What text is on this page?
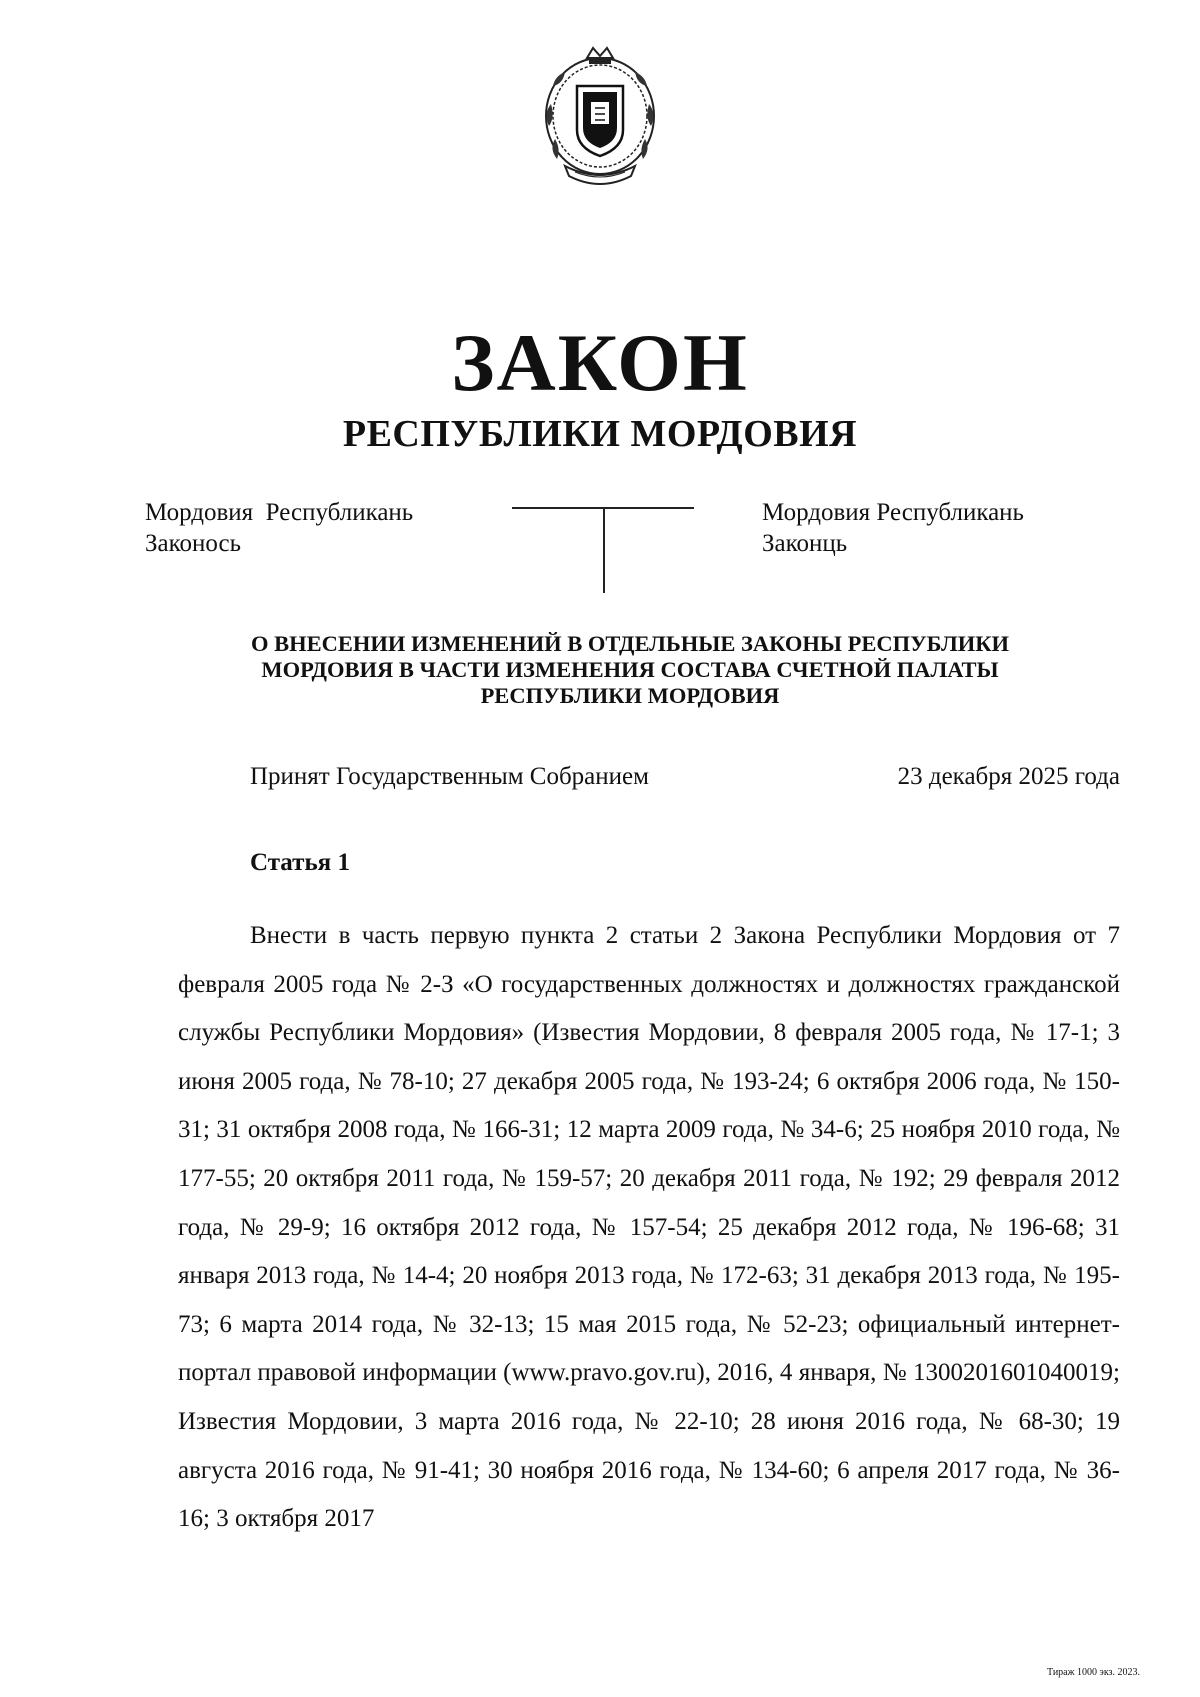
ЗАКОН
РЕСПУБЛИКИ МОРДОВИЯ
Мордовия  Республикань
Законось
Мордовия Республикань
Законць
О ВНЕСЕНИИ ИЗМЕНЕНИЙ В ОТДЕЛЬНЫЕ ЗАКОНЫ РЕСПУБЛИКИ МОРДОВИЯ В ЧАСТИ ИЗМЕНЕНИЯ СОСТАВА СЧЕТНОЙ ПАЛАТЫ РЕСПУБЛИКИ МОРДОВИЯ
Принят Государственным Собранием	23 декабря 2025 года
Статья 1

Внести в часть первую пункта 2 статьи 2 Закона Республики Мордовия от 7 февраля 2005 года № 2-З «О государственных должностях и должностях гражданской службы Республики Мордовия» (Известия Мордовии, 8 февраля 2005 года, № 17-1; 3 июня 2005 года, № 78-10; 27 декабря 2005 года, № 193-24; 6 октября 2006 года, № 150-31; 31 октября 2008 года, № 166-31; 12 марта 2009 года, № 34-6; 25 ноября 2010 года, № 177-55; 20 октября 2011 года, № 159-57; 20 декабря 2011 года, № 192; 29 февраля 2012 года, № 29-9; 16 октября 2012 года, № 157-54; 25 декабря 2012 года, № 196-68; 31 января 2013 года, № 14-4; 20 ноября 2013 года, № 172-63; 31 декабря 2013 года, № 195-73; 6 марта 2014 года, № 32-13; 15 мая 2015 года, № 52-23; официальный интернет-портал правовой информации (www.pravo.gov.ru), 2016, 4 января, № 1300201601040019; Известия Мордовии, 3 марта 2016 года, № 22-10; 28 июня 2016 года, № 68-30; 19 августа 2016 года, № 91-41; 30 ноября 2016 года, № 134-60; 6 апреля 2017 года, № 36-16; 3 октября 2017

Тираж 1000 экз. 2023.
